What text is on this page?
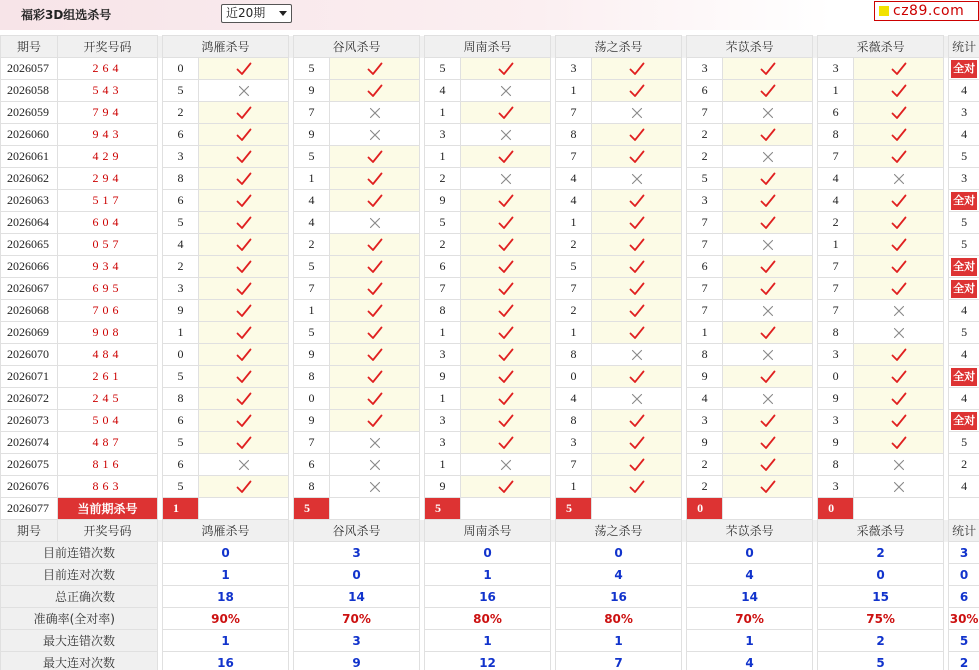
福彩3D组选杀号	近20期	cz89.com
期号	开奖号码		鸿雁杀号			谷风杀号			周南杀号			荡之杀号			芣苡杀号			采薇杀号			统计
2026057	264		0			5			5			3			3			3			全对
2026058	543		5			9			4			1			6			1			4
2026059	794		2			7			1			7			7			6			3
2026060	943		6			9			3			8			2			8			4
2026061	429		3			5			1			7			2			7			5
2026062	294		8			1			2			4			5			4			3
2026063	517		6			4			9			4			3			4			全对
2026064	604		5			4			5			1			7			2			5
2026065	057		4			2			2			2			7			1			5
2026066	934		2			5			6			5			6			7			全对
2026067	695		3			7			7			7			7			7			全对
2026068	706		9			1			8			2			7			7			4
2026069	908		1			5			1			1			1			8			5
2026070	484		0			9			3			8			8			3			4
2026071	261		5			8			9			0			9			0			全对
2026072	245		8			0			1			4			4			9			4
2026073	504		6			9			3			8			3			3			全对
2026074	487		5			7			3			3			9			9			5
2026075	816		6			6			1			7			2			8			2
2026076	863		5			8			9			1			2			3			4
2026077	当前期杀号		1			5			5			5			0			0			
期号	开奖号码		鸿雁杀号			谷风杀号			周南杀号			荡之杀号			芣苡杀号			采薇杀号			统计
目前连错次数			0			3			0			0			0			2			3
目前连对次数			1			0			1			4			4			0			0
总正确次数			18			14			16			16			14			15			6
准确率(全对率)			90%			70%			80%			80%			70%			75%			30%
最大连错次数			1			3			1			1			1			2			5
最大连对次数			16			9			12			7			4			5			2
